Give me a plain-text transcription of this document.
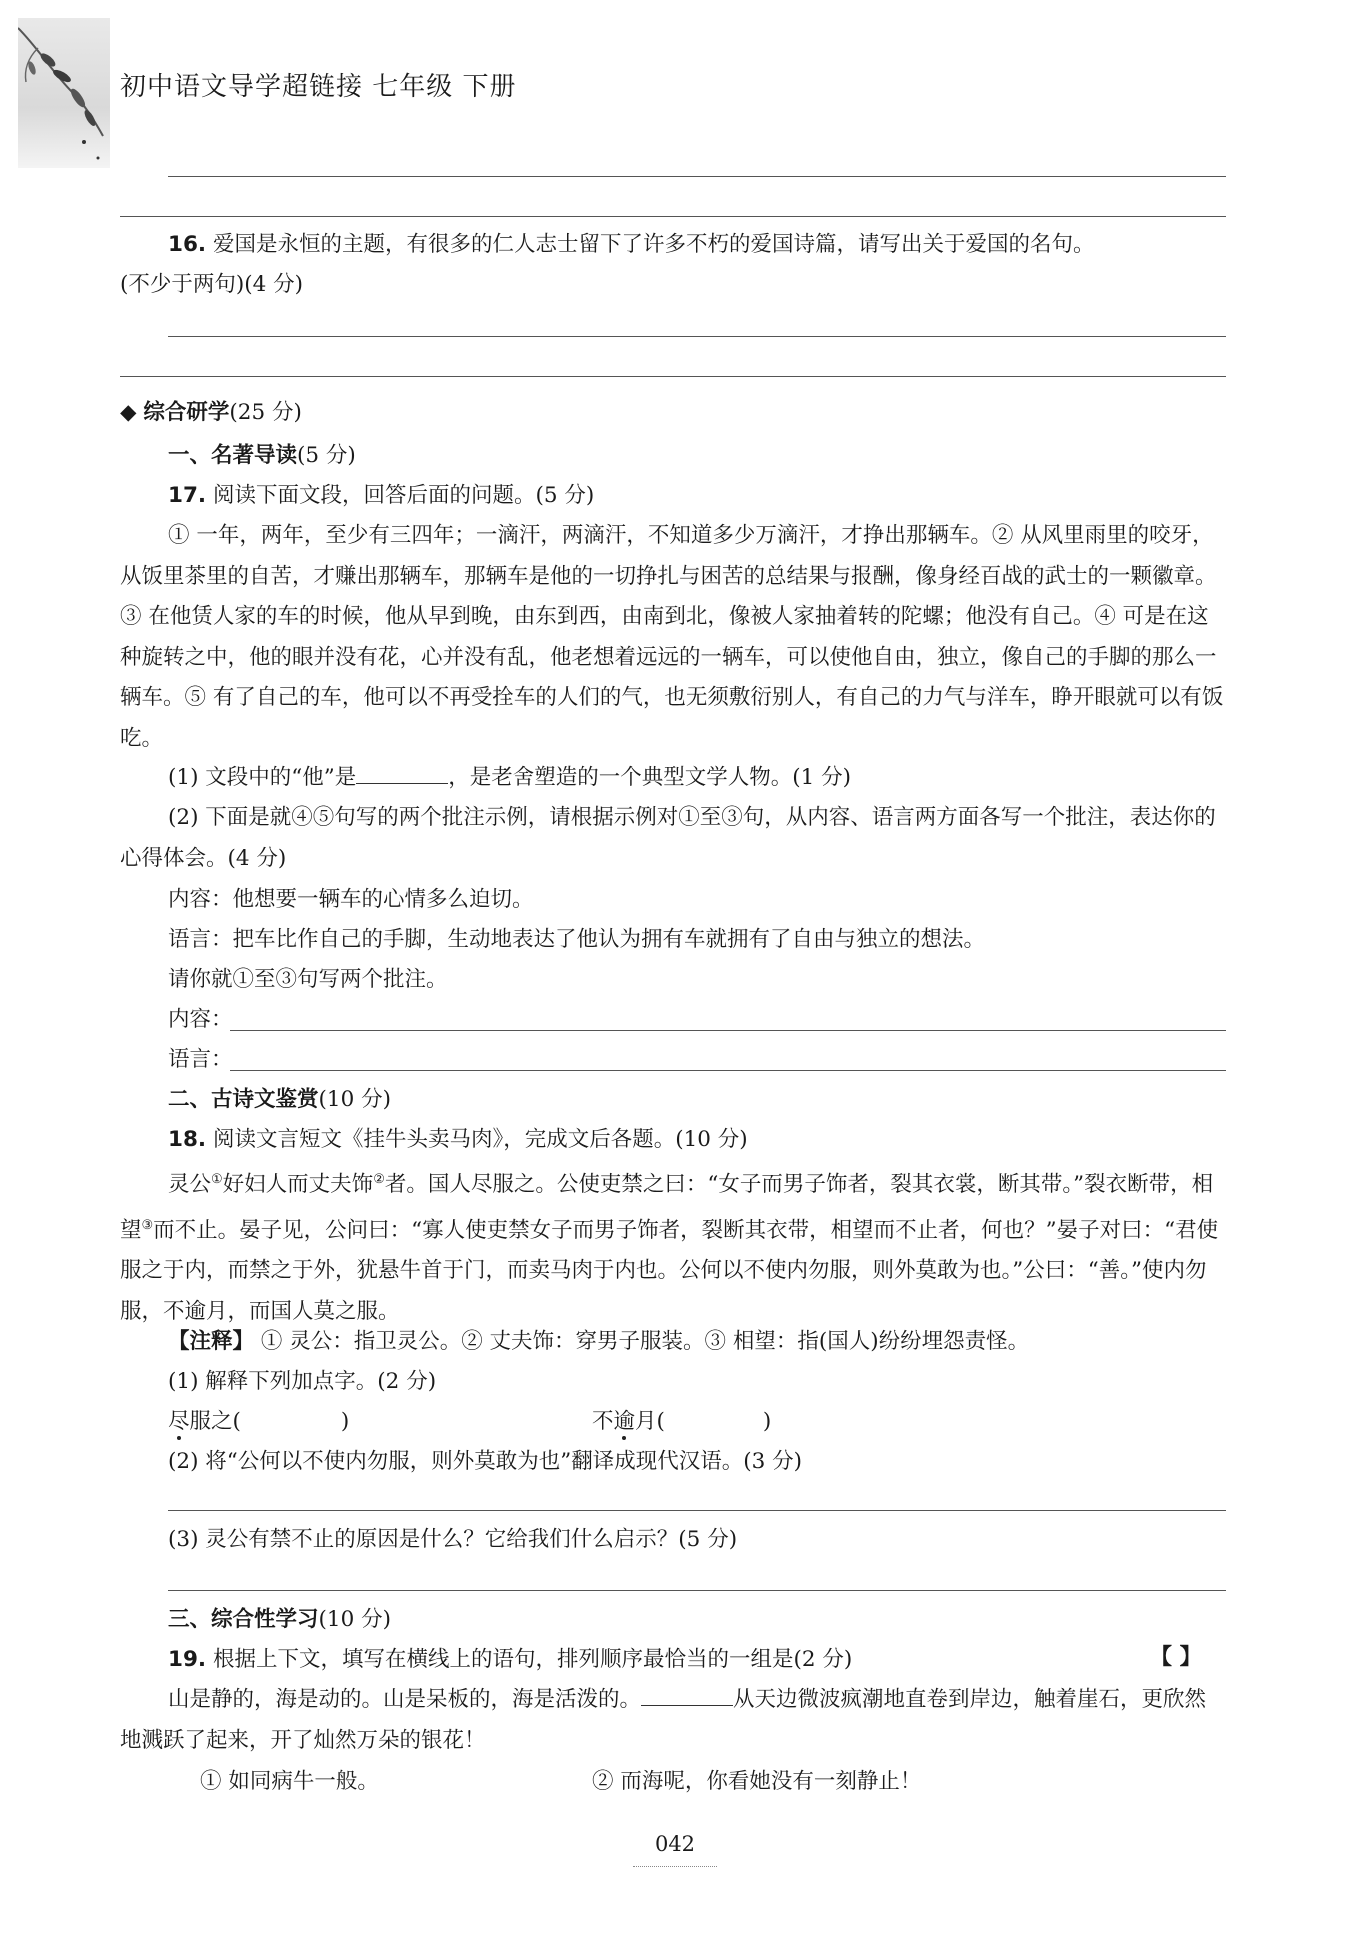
初中语文导学超链接 七年级 下册
16. 爱国是永恒的主题，有很多的仁人志士留下了许多不朽的爱国诗篇，请写出关于爱国的名句。
(不少于两句)(4 分)
◆ 综合研学(25 分)
一、名著导读(5 分)
17. 阅读下面文段，回答后面的问题。(5 分)
① 一年，两年，至少有三四年；一滴汗，两滴汗，不知道多少万滴汗，才挣出那辆车。② 从风里雨里的咬牙，从饭里茶里的自苦，才赚出那辆车，那辆车是他的一切挣扎与困苦的总结果与报酬，像身经百战的武士的一颗徽章。③ 在他赁人家的车的时候，他从早到晚，由东到西，由南到北，像被人家抽着转的陀螺；他没有自己。④ 可是在这种旋转之中，他的眼并没有花，心并没有乱，他老想着远远的一辆车，可以使他自由，独立，像自己的手脚的那么一辆车。⑤ 有了自己的车，他可以不再受拴车的人们的气，也无须敷衍别人，有自己的力气与洋车，睁开眼就可以有饭吃。
(1) 文段中的“他”是	，是老舍塑造的一个典型文学人物。(1 分)
(2) 下面是就④⑤句写的两个批注示例，请根据示例对①至③句，从内容、语言两方面各写一个批注，表达你的心得体会。(4 分)
内容：他想要一辆车的心情多么迫切。
语言：把车比作自己的手脚，生动地表达了他认为拥有车就拥有了自由与独立的想法。
请你就①至③句写两个批注。
内容：
语言：
二、古诗文鉴赏(10 分)
18. 阅读文言短文《挂牛头卖马肉》，完成文后各题。(10 分)
灵公①好妇人而丈夫饰②者。国人尽服之。公使吏禁之曰：“女子而男子饰者，裂其衣裳，断其带。”裂衣断带，相望③而不止。晏子见，公问曰：“寡人使吏禁女子而男子饰者，裂断其衣带，相望而不止者，何也？”晏子对曰：“君使服之于内，而禁之于外，犹悬牛首于门，而卖马肉于内也。公何以不使内勿服，则外莫敢为也。”公曰：“善。”使内勿服，不逾月，而国人莫之服。
【注释】 ① 灵公：指卫灵公。② 丈夫饰：穿男子服装。③ 相望：指(国人)纷纷埋怨责怪。
(1) 解释下列加点字。(2 分)
尽服之(	)	不逾月(	)
(2) 将“公何以不使内勿服，则外莫敢为也”翻译成现代汉语。(3 分)
(3) 灵公有禁不止的原因是什么？它给我们什么启示？(5 分)
三、综合性学习(10 分)
19. 根据上下文，填写在横线上的语句，排列顺序最恰当的一组是(2 分)	【 】
山是静的，海是动的。山是呆板的，海是活泼的。	从天边微波疯潮地直卷到岸边，触着崖石，更欣然地溅跃了起来，开了灿然万朵的银花！
① 如同病牛一般。	② 而海呢，你看她没有一刻静止！
042
